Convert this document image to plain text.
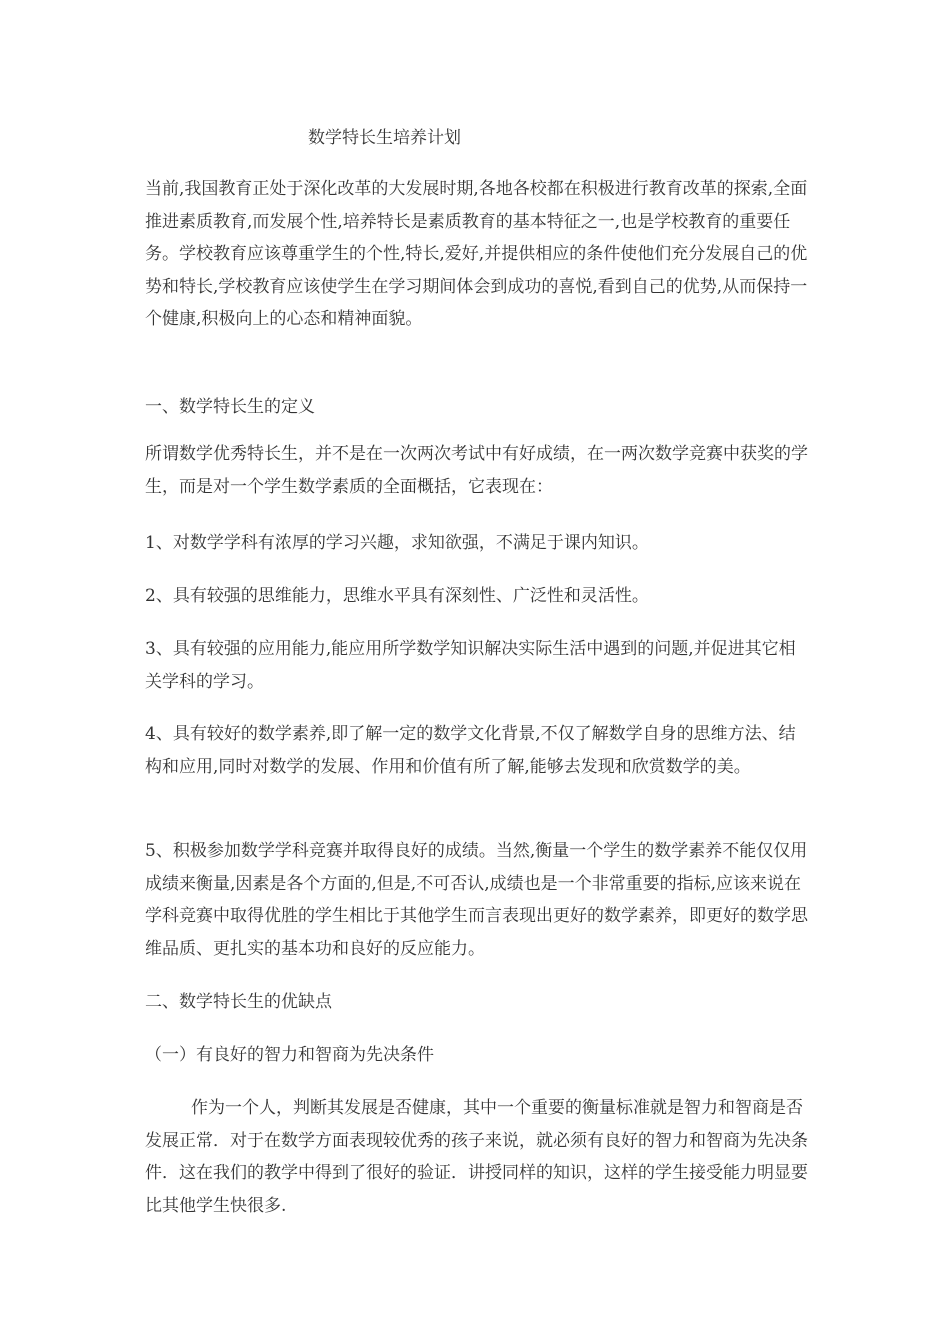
数学特长生培养计划

当前,我国教育正处于深化改革的大发展时期,各地各校都在积极进行教育改革的探索,全面推进素质教育,而发展个性,培养特长是素质教育的基本特征之一,也是学校教育的重要任务。学校教育应该尊重学生的个性,特长,爱好,并提供相应的条件使他们充分发展自己的优势和特长,学校教育应该使学生在学习期间体会到成功的喜悦,看到自己的优势,从而保持一个健康,积极向上的心态和精神面貌。

一、数学特长生的定义

所谓数学优秀特长生，并不是在一次两次考试中有好成绩，在一两次数学竞赛中获奖的学生，而是对一个学生数学素质的全面概括，它表现在：

1、对数学学科有浓厚的学习兴趣，求知欲强，不满足于课内知识。

2、具有较强的思维能力，思维水平具有深刻性、广泛性和灵活性。

3、具有较强的应用能力,能应用所学数学知识解决实际生活中遇到的问题,并促进其它相关学科的学习。

4、具有较好的数学素养,即了解一定的数学文化背景,不仅了解数学自身的思维方法、结构和应用,同时对数学的发展、作用和价值有所了解,能够去发现和欣赏数学的美。

5、积极参加数学学科竞赛并取得良好的成绩。当然,衡量一个学生的数学素养不能仅仅用成绩来衡量,因素是各个方面的,但是,不可否认,成绩也是一个非常重要的指标,应该来说在学科竞赛中取得优胜的学生相比于其他学生而言表现出更好的数学素养，即更好的数学思维品质、更扎实的基本功和良好的反应能力。

二、数学特长生的优缺点

（一）有良好的智力和智商为先决条件

作为一个人，判断其发展是否健康，其中一个重要的衡量标准就是智力和智商是否发展正常．对于在数学方面表现较优秀的孩子来说，就必须有良好的智力和智商为先决条件．这在我们的教学中得到了很好的验证．讲授同样的知识，这样的学生接受能力明显要比其他学生快很多.
